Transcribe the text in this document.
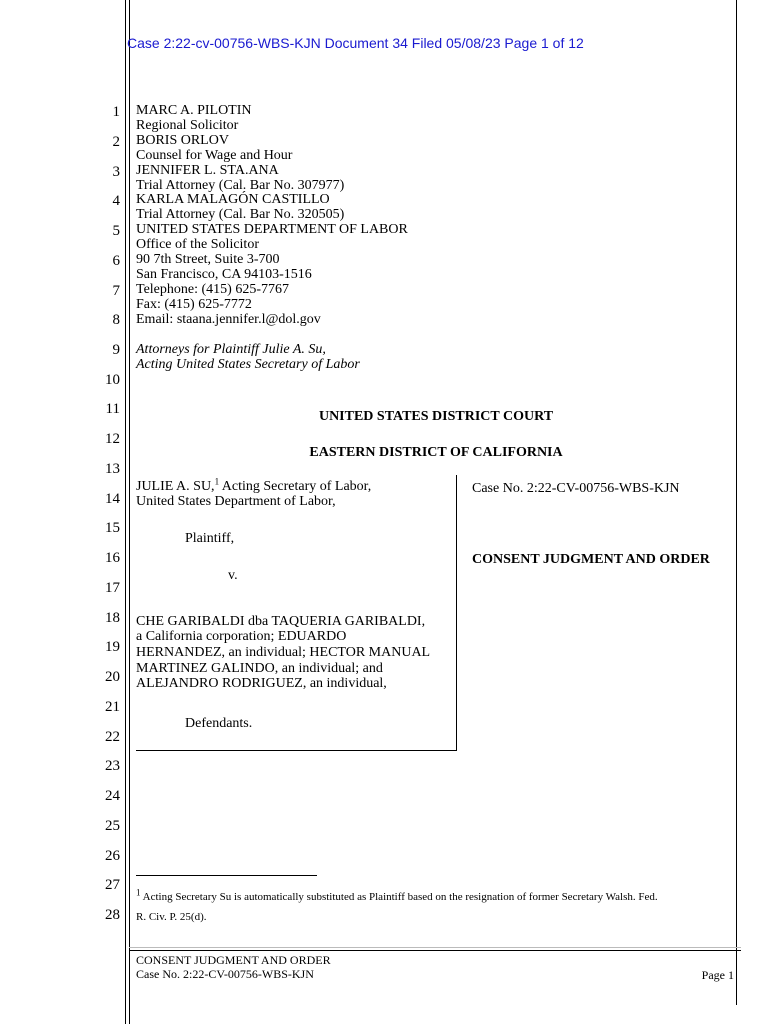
Case 2:22-cv-00756-WBS-KJN Document 34 Filed 05/08/23 Page 1 of 12
1
2
3
4
5
6
7
8
9
10
11
12
13
14
15
16
17
18
19
20
21
22
23
24
25
26
27
28
MARC A. PILOTIN
Regional Solicitor
BORIS ORLOV
Counsel for Wage and Hour
JENNIFER L. STA.ANA
Trial Attorney (Cal. Bar No. 307977)
KARLA MALAGÓN CASTILLO
Trial Attorney (Cal. Bar No. 320505)
UNITED STATES DEPARTMENT OF LABOR
Office of the Solicitor
90 7th Street, Suite 3-700
San Francisco, CA 94103-1516
Telephone: (415) 625-7767
Fax: (415) 625-7772
Email: staana.jennifer.l@dol.gov
Attorneys for Plaintiff Julie A. Su,
Acting United States Secretary of Labor
UNITED STATES DISTRICT COURT
EASTERN DISTRICT OF CALIFORNIA
JULIE A. SU,$^1$ Acting Secretary of Labor,
United States Department of Labor,
Plaintiff,
v.
CHE GARIBALDI dba TAQUERIA GARIBALDI,
a California corporation; EDUARDO
HERNANDEZ, an individual; HECTOR MANUAL
MARTINEZ GALINDO, an individual; and
ALEJANDRO RODRIGUEZ, an individual,
Defendants.
Case No. 2:22-CV-00756-WBS-KJN
CONSENT JUDGMENT AND ORDER
$^1$ Acting Secretary Su is automatically substituted as Plaintiff based on the resignation of former Secretary Walsh. Fed.
R. Civ. P. 25(d).
CONSENT JUDGMENT AND ORDER
Case No. 2:22-CV-00756-WBS-KJN	Page 1
